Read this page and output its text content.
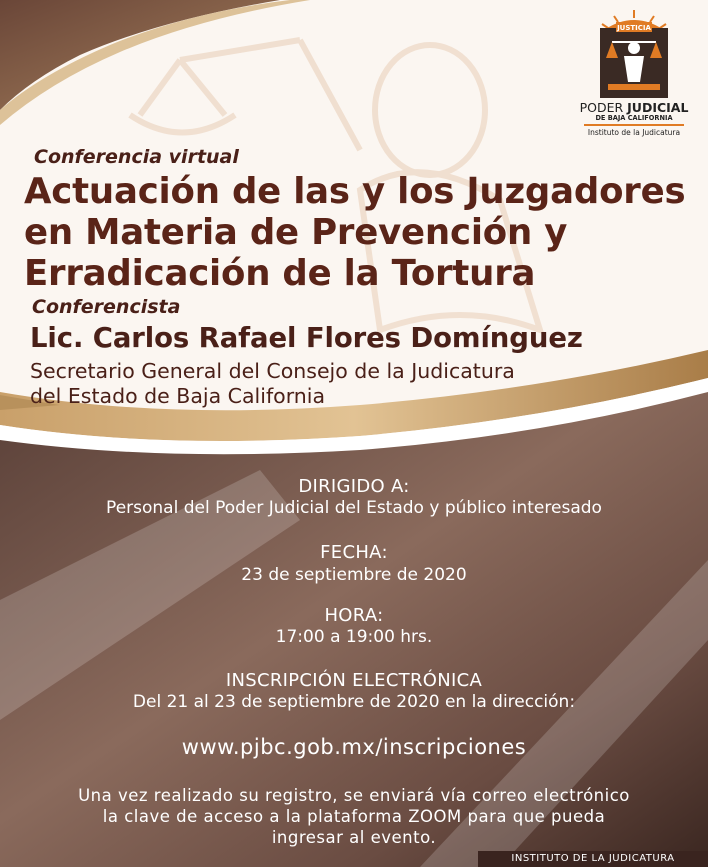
JUSTICIA
PODER JUDICIAL
DE BAJA CALIFORNIA
Instituto de la Judicatura
Conferencia virtual
Actuación de las y los Juzgadores
en Materia de Prevención y
Erradicación de la Tortura
Conferencista
Lic. Carlos Rafael Flores Domínguez
Secretario General del Consejo de la Judicatura
del Estado de Baja California
DIRIGIDO A:
Personal del Poder Judicial del Estado y público interesado
FECHA:
23 de septiembre de 2020
HORA:
17:00 a 19:00 hrs.
INSCRIPCIÓN ELECTRÓNICA
Del 21 al 23 de septiembre de 2020 en la dirección:
www.pjbc.gob.mx/inscripciones
Una vez realizado su registro, se enviará vía correo electrónico
la clave de acceso a la plataforma ZOOM para que pueda
ingresar al evento.
INSTITUTO DE LA JUDICATURA
